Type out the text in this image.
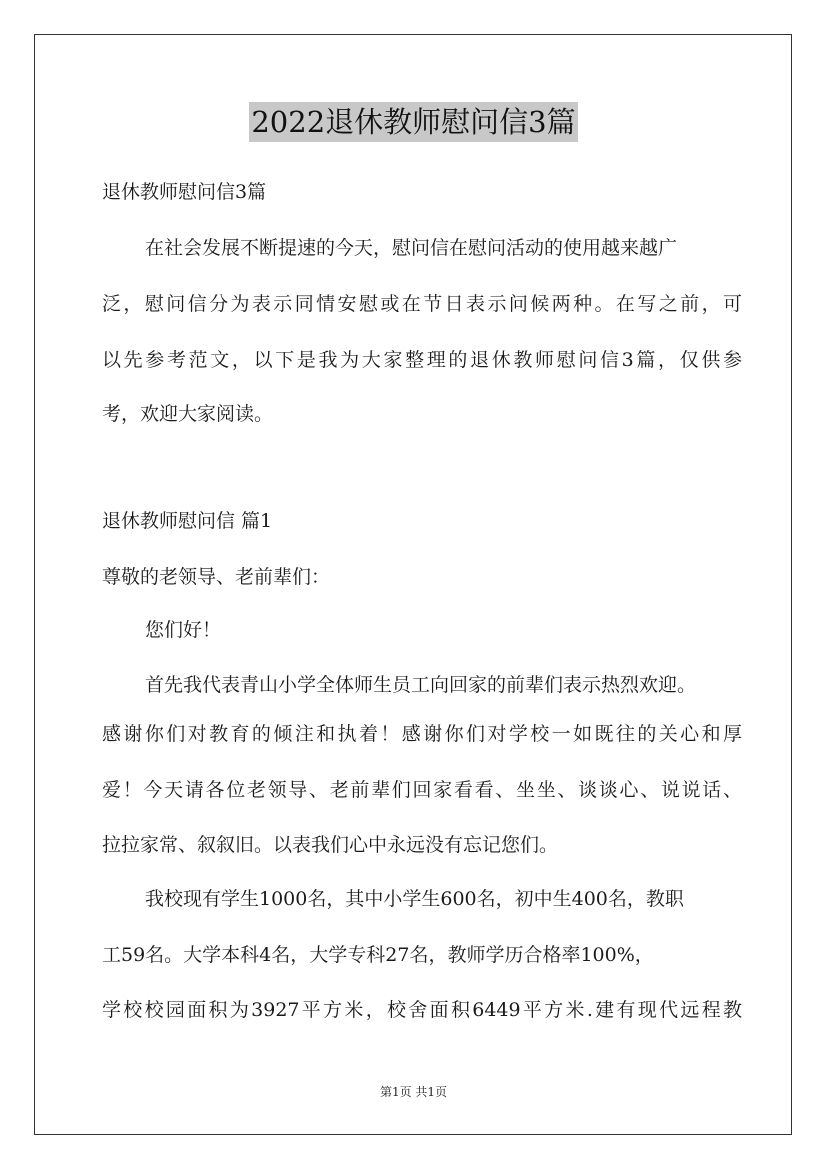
2022退休教师慰问信3篇
退休教师慰问信3篇
在社会发展不断提速的今天，慰问信在慰问活动的使用越来越广
泛，慰问信分为表示同情安慰或在节日表示问候两种。在写之前，可
以先参考范文，以下是我为大家整理的退休教师慰问信3篇，仅供参
考，欢迎大家阅读。
退休教师慰问信 篇1
尊敬的老领导、老前辈们：
您们好！
首先我代表青山小学全体师生员工向回家的前辈们表示热烈欢迎。
感谢你们对教育的倾注和执着！感谢你们对学校一如既往的关心和厚
爱！今天请各位老领导、老前辈们回家看看、坐坐、谈谈心、说说话、
拉拉家常、叙叙旧。以表我们心中永远没有忘记您们。
我校现有学生1000名，其中小学生600名，初中生400名，教职
工59名。大学本科4名，大学专科27名，教师学历合格率100%，
学校校园面积为3927平方米，校舍面积6449平方米.建有现代远程教
第1页 共1页
